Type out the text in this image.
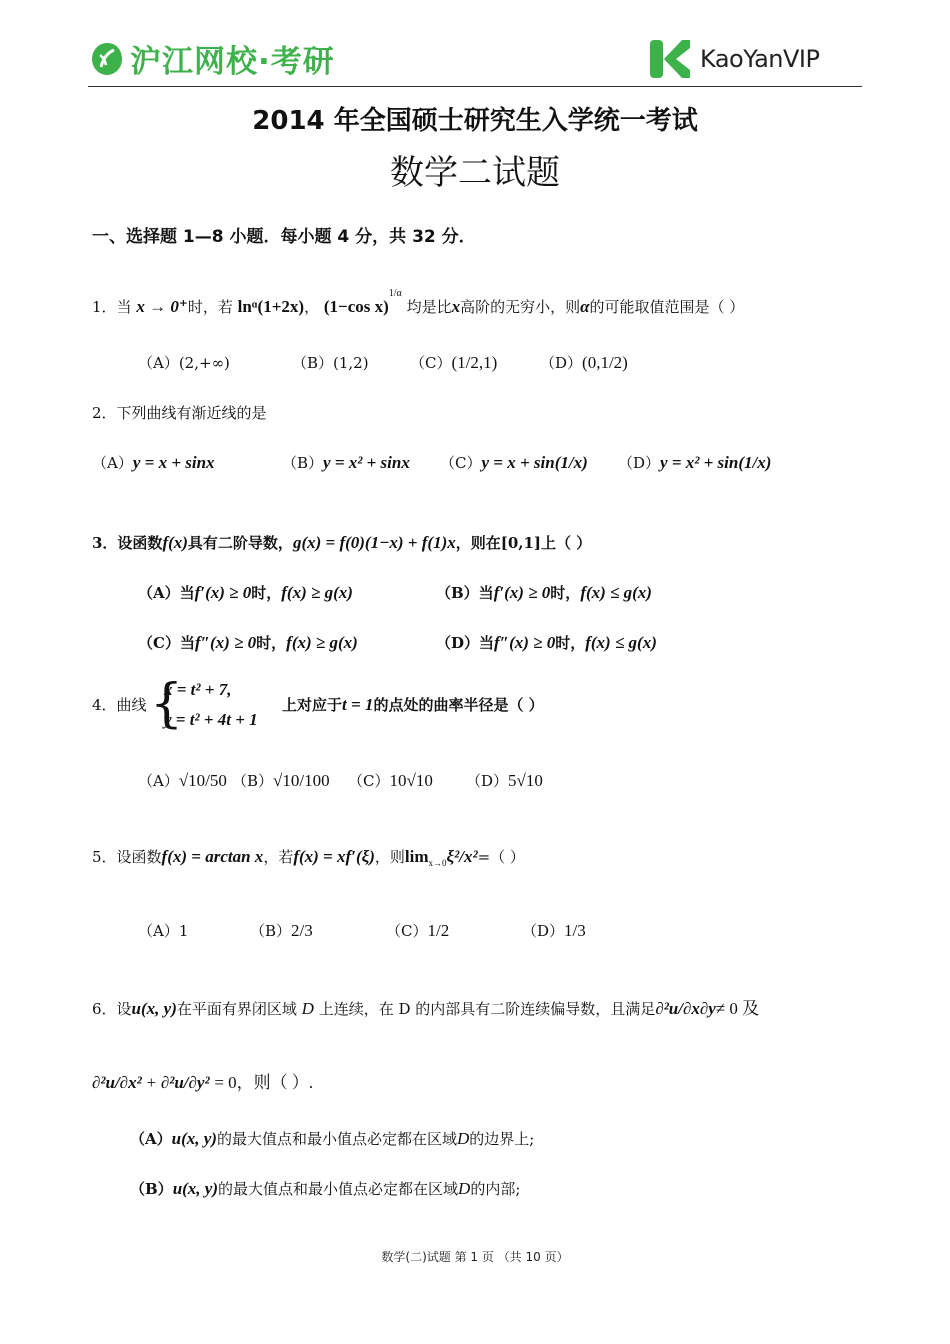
沪江网校·考研	KaoYanVIP
2014 年全国硕士研究生入学统一考试
数学二试题
一、选择题 1—8 小题．每小题 4 分，共 32 分．
1．当 x → 0⁺时，若 lnᵅ(1+2x)， (1−cos x)$^{1/\alpha}$ 均是比x高阶的无穷小，则α的可能取值范围是（ ）
（A）(2,+∞)	（B）(1,2)	（C）(1/2,1)	（D）(0,1/2)
2．下列曲线有渐近线的是
（A）y = x + sinx	（B）y = x² + sinx （C）y = x + sin(1/x) （D）y = x² + sin(1/x)
3．设函数f(x)具有二阶导数，g(x) = f(0)(1−x) + f(1)x，则在[0,1]上（ ）
（A）当f′(x) ≥ 0时，f(x) ≥ g(x)	（B）当f′(x) ≥ 0时，f(x) ≤ g(x)
（C）当f″(x) ≥ 0时，f(x) ≥ g(x)	（D）当f″(x) ≥ 0时，f(x) ≤ g(x)
4．曲线 {
x = t² + 7,
y = t² + 4t + 1
上对应于t = 1的点处的曲率半径是（ ）
（A）√10/50 （B）√10/100 （C）10√10 （D）5√10
5．设函数f(x) = arctan x，若f(x) = xf′(ξ)，则$\lim_{x\to 0}\xi^2/x^2=$（ ）
（A）1	（B）2/3	（C）1/2	（D）1/3
6．设u(x, y)在平面有界闭区域 D 上连续，在 D 的内部具有二阶连续偏导数，且满足∂²u/∂x∂y≠ 0 及
∂²u/∂x² + ∂²u/∂y² = 0，则（ ）.
（A）u(x, y)的最大值点和最小值点必定都在区域D的边界上;
（B）u(x, y)的最大值点和最小值点必定都在区域D的内部;
数学(二)试题 第 1 页 （共 10 页）
